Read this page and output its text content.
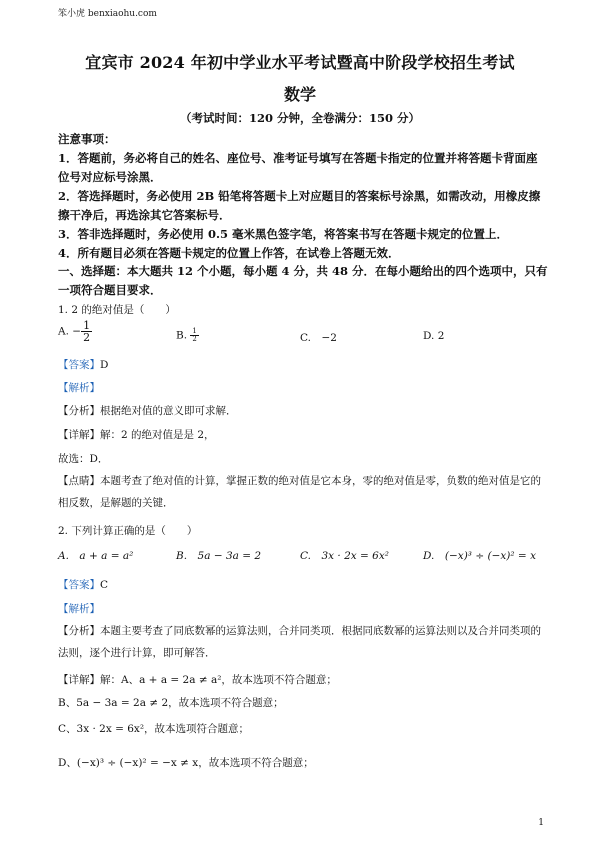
笨小虎 benxiaohu.com
宜宾市 2024 年初中学业水平考试暨高中阶段学校招生考试
数学
（考试时间：120 分钟，全卷满分：150 分）

注意事项：

1．答题前，务必将自己的姓名、座位号、准考证号填写在答题卡指定的位置并将答题卡背面座位号对应标号涂黑．

2．答选择题时，务必使用 2B 铅笔将答题卡上对应题目的答案标号涂黑，如需改动，用橡皮擦擦干净后，再选涂其它答案标号．

3．答非选择题时，务必使用 0.5 毫米黑色签字笔，将答案书写在答题卡规定的位置上．

4．所有题目必须在答题卡规定的位置上作答，在试卷上答题无效．

一、选择题：本大题共 12 个小题，每小题 4 分，共 48 分．在每小题给出的四个选项中，只有一项符合题目要求．
1. 2 的绝对值是（　　）
A. − $\frac{1}{2}$	B. $\frac{1}{2}$	C.　−2	D. 2
【答案】D
【解析】
【分析】根据绝对值的意义即可求解．
【详解】解：2 的绝对值是是 2，
故选：D．

【点睛】本题考查了绝对值的计算，掌握正数的绝对值是它本身，零的绝对值是零，负数的绝对值是它的相反数，是解题的关键．

2. 下列计算正确的是（　　）
A.　a + a = a²	B.　5a − 3a = 2	C.　3x · 2x = 6x²	D.　(−x)³ ÷ (−x)² = x
【答案】C
【解析】

【分析】本题主要考查了同底数幂的运算法则，合并同类项．根据同底数幂的运算法则以及合并同类项的法则，逐个进行计算，即可解答．

【详解】解：A、a + a = 2a ≠ a²，故本选项不符合题意；
B、5a − 3a = 2a ≠ 2，故本选项不符合题意；
C、3x · 2x = 6x²，故本选项符合题意；
D、(−x)³ ÷ (−x)² = −x ≠ x，故本选项不符合题意；
1
